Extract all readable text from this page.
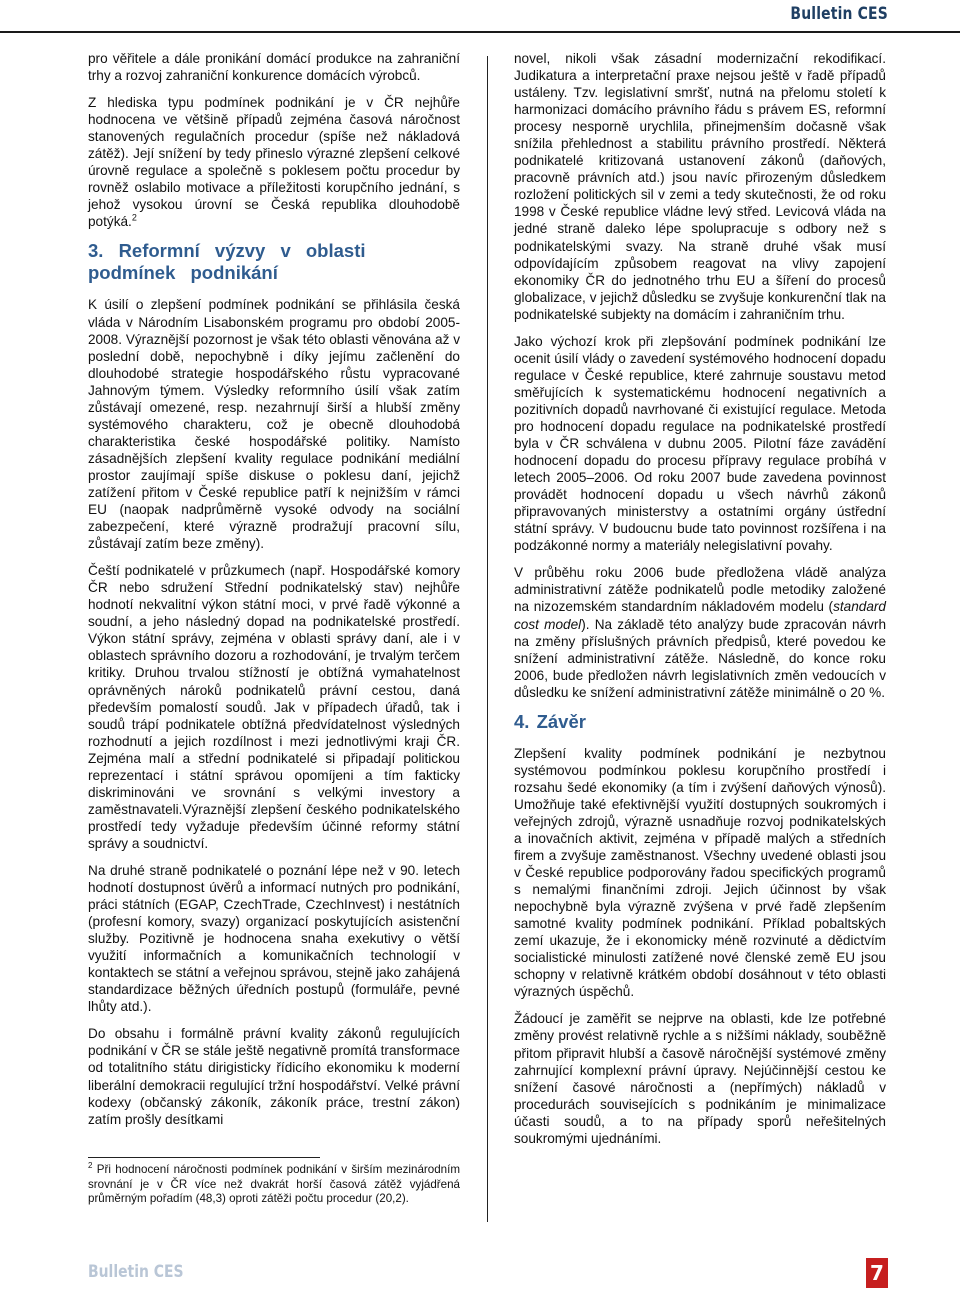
Bulletin CES

pro věřitele a dále pronikání domácí produkce na zahraniční trhy a rozvoj zahraniční konkurence domácích výrobců.

Z hlediska typu podmínek podnikání je v ČR nejhůře hodnocena ve většině případů zejména časová náročnost stanovených regulačních procedur (spíše než nákladová zátěž). Její snížení by tedy přineslo výrazné zlepšení celkové úrovně regulace a společně s poklesem počtu procedur by rovněž oslabilo motivace a příležitosti korupčního jednání, s jehož vysokou úrovní se Česká republika dlouhodobě potýká.$^2$

3. Reformní výzvy v oblasti podmínek podnikání

K úsilí o zlepšení podmínek podnikání se přihlásila česká vláda v Národním Lisabonském programu pro období 2005-2008. Výraznější pozornost je však této oblasti věnována až v poslední době, nepochybně i díky jejímu začlenění do dlouhodobé strategie hospodářského růstu vypracované Jahnovým týmem. Výsledky reformního úsilí však zatím zůstávají omezené, resp. nezahrnují širší a hlubší změny systémového charakteru, což je obecně dlouhodobá charakteristika české hospodářské politiky. Namísto zásadnějších zlepšení kvality regulace podnikání mediální prostor zaujímají spíše diskuse o poklesu daní, jejichž zatížení přitom v České republice patří k nejnižším v rámci EU (naopak nadprůměrně vysoké odvody na sociální zabezpečení, které výrazně prodražují pracovní sílu, zůstávají zatím beze změny).

Čeští podnikatelé v průzkumech (např. Hospodářské komory ČR nebo sdružení Střední podnikatelský stav) nejhůře hodnotí nekvalitní výkon státní moci, v prvé řadě výkonné a soudní, a jeho následný dopad na podnikatelské prostředí. Výkon státní správy, zejména v oblasti správy daní, ale i v oblastech správního dozoru a rozhodování, je trvalým terčem kritiky. Druhou trvalou stížností je obtížná vymahatelnost oprávněných nároků podnikatelů právní cestou, daná především pomalostí soudů. Jak v případech úřadů, tak i soudů trápí podnikatele obtížná předvídatelnost výsledných rozhodnutí a jejich rozdílnost i mezi jednotlivými kraji ČR. Zejména malí a střední podnikatelé si připadají politickou reprezentací i státní správou opomíjeni a tím fakticky diskriminováni ve srovnání s velkými investory a zaměstnavateli.Výraznější zlepšení českého podnikatelského prostředí tedy vyžaduje především účinné reformy státní správy a soudnictví.

Na druhé straně podnikatelé o poznání lépe než v 90. letech hodnotí dostupnost úvěrů a informací nutných pro podnikání, práci státních (EGAP, CzechTrade, CzechInvest) i nestátních (profesní komory, svazy) organizací poskytujících asistenční služby. Pozitivně je hodnocena snaha exekutivy o větší využití informačních a komunikačních technologií v kontaktech se státní a veřejnou správou, stejně jako zahájená standardizace běžných úředních postupů (formuláře, pevné lhůty atd.).

Do obsahu i formálně právní kvality zákonů regulujících podnikání v ČR se stále ještě negativně promítá transformace od totalitního státu dirigisticky řídicího ekonomiku k moderní liberální demokracii regulující tržní hospodářství. Velké právní kodexy (občanský zákoník, zákoník práce, trestní zákon) zatím prošly desítkami

$^2$ Při hodnocení náročnosti podmínek podnikání v širším mezinárodním srovnání je v ČR více než dvakrát horší časová zátěž vyjádřená průměrným pořadím (48,3) oproti zátěži počtu procedur (20,2).

novel, nikoli však zásadní modernizační rekodifikací. Judikatura a interpretační praxe nejsou ještě v řadě případů ustáleny. Tzv. legislativní smršť, nutná na přelomu století k harmonizaci domácího právního řádu s právem ES, reformní procesy nesporně urychlila, přinejmenším dočasně však snížila přehlednost a stabilitu právního prostředí. Některá podnikatelé kritizovaná ustanovení zákonů (daňových, pracovně právních atd.) jsou navíc přirozeným důsledkem rozložení politických sil v zemi a tedy skutečnosti, že od roku 1998 v České republice vládne levý střed. Levicová vláda na jedné straně daleko lépe spolupracuje s odbory než s podnikatelskými svazy. Na straně druhé však musí odpovídajícím způsobem reagovat na vlivy zapojení ekonomiky ČR do jednotného trhu EU a šíření do procesů globalizace, v jejichž důsledku se zvyšuje konkurenční tlak na podnikatelské subjekty na domácím i zahraničním trhu.

Jako výchozí krok při zlepšování podmínek podnikání lze ocenit úsilí vlády o zavedení systémového hodnocení dopadu regulace v České republice, které zahrnuje soustavu metod směřujících k systematickému hodnocení negativních a pozitivních dopadů navrhované či existující regulace. Metoda pro hodnocení dopadu regulace na podnikatelské prostředí byla v ČR schválena v dubnu 2005. Pilotní fáze zavádění hodnocení dopadu do procesu přípravy regulace probíhá v letech 2005–2006. Od roku 2007 bude zavedena povinnost provádět hodnocení dopadu u všech návrhů zákonů připravovaných ministerstvy a ostatními orgány ústřední státní správy. V budoucnu bude tato povinnost rozšířena i na podzákonné normy a materiály nelegislativní povahy.

V průběhu roku 2006 bude předložena vládě analýza administrativní zátěže podnikatelů podle metodiky založené na nizozemském standardním nákladovém modelu (standard cost model). Na základě této analýzy bude zpracován návrh na změny příslušných právních předpisů, které povedou ke snížení administrativní zátěže. Následně, do konce roku 2006, bude předložen návrh legislativních změn vedoucích v důsledku ke snížení administrativní zátěže minimálně o 20 %.

4. Závěr

Zlepšení kvality podmínek podnikání je nezbytnou systémovou podmínkou poklesu korupčního prostředí i rozsahu šedé ekonomiky (a tím i zvýšení daňových výnosů). Umožňuje také efektivnější využití dostupných soukromých i veřejných zdrojů, výrazně usnadňuje rozvoj podnikatelských a inovačních aktivit, zejména v případě malých a středních firem a zvyšuje zaměstnanost. Všechny uvedené oblasti jsou v České republice podporovány řadou specifických programů s nemalými finančními zdroji. Jejich účinnost by však nepochybně byla výrazně zvýšena v prvé řadě zlepšením samotné kvality podmínek podnikání. Příklad pobaltských zemí ukazuje, že i ekonomicky méně rozvinuté a dědictvím socialistické minulosti zatížené nové členské země EU jsou schopny v relativně krátkém období dosáhnout v této oblasti výrazných úspěchů.

Žádoucí je zaměřit se nejprve na oblasti, kde lze potřebné změny provést relativně rychle a s nižšími náklady, souběžně přitom připravit hlubší a časově náročnější systémové změny zahrnující komplexní právní úpravy. Nejúčinnější cestou ke snížení časové náročnosti a (nepřímých) nákladů v procedurách souvisejících s podnikáním je minimalizace účasti soudů, a to na případy sporů neřešitelných soukromými ujednáními.

Bulletin CES	7
